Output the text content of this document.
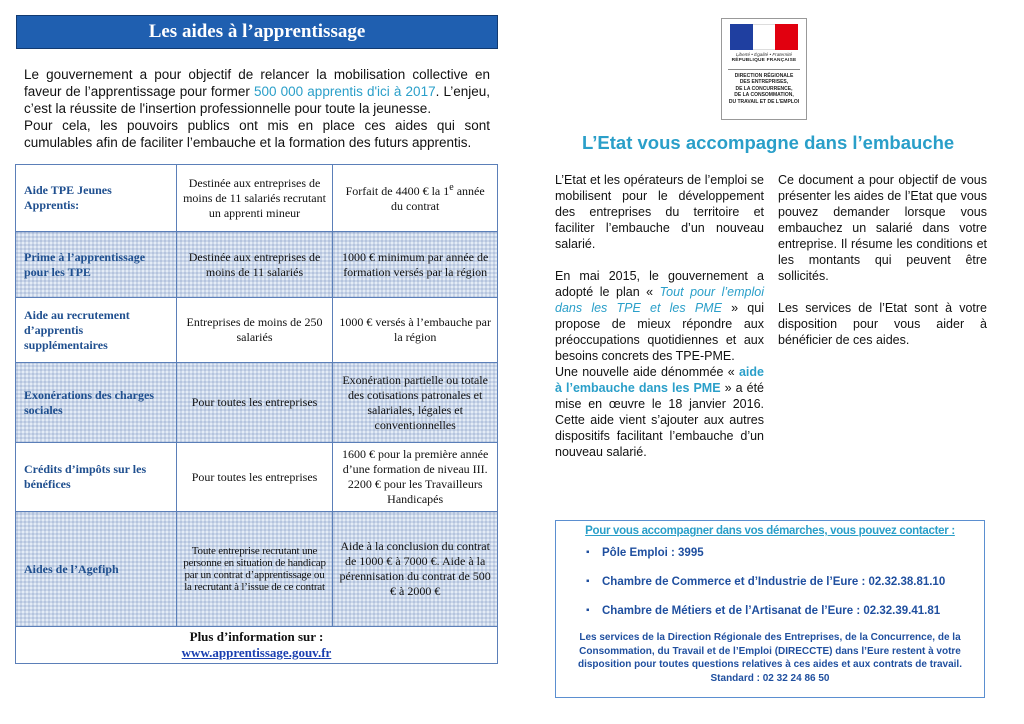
Les aides à l’apprentissage
Le gouvernement a pour objectif de relancer la mobilisation collective en faveur de l’apprentissage pour former 500 000 apprentis d'ici à 2017. L’enjeu, c’est la réussite de l'insertion professionnelle pour toute la jeunesse.
Pour cela, les pouvoirs publics ont mis en place ces aides qui sont cumulables afin de faciliter l’embauche et la formation des futurs apprentis.
Aide TPE Jeunes Apprentis:	Destinée aux entreprises de moins de 11 salariés recrutant un apprenti mineur	Forfait de 4400 € la 1e année du contrat
Prime à l’apprentissage pour les TPE	Destinée aux entreprises de moins de 11 salariés	1000 € minimum par année de formation versés par la région
Aide au recrutement d’apprentis supplémentaires	Entreprises de moins de 250 salariés	1000 € versés à l’embauche par la région
Exonérations des charges sociales	Pour toutes les entreprises	Exonération partielle ou totale des cotisations patronales et salariales, légales et conventionnelles
Crédits d’impôts sur les bénéfices	Pour toutes les entreprises	1600 € pour la première année d’une formation de niveau III. 2200 € pour les Travailleurs Handicapés
Aides de l’Agefiph	Toute entreprise recrutant une personne en situation de handicap par un contrat d’apprentissage ou la recrutant à l’issue de ce contrat	Aide à la conclusion du contrat de 1000 € à 7000 €. Aide à la pérennisation du contrat de 500 € à 2000 €

Plus d’information sur :
www.apprentissage.gouv.fr		
Liberté • Égalité • Fraternité
RÉPUBLIQUE FRANÇAISE
DIRECTION RÉGIONALE
DES ENTREPRISES,
DE LA CONCURRENCE,
DE LA CONSOMMATION,
DU TRAVAIL ET DE L’EMPLOI
L’Etat vous accompagne dans l’embauche

L’Etat et les opérateurs de l’emploi se mobilisent pour le développement des entreprises du territoire et faciliter l’embauche d’un nouveau salarié.

En mai 2015, le gouvernement a adopté le plan « Tout pour l’emploi dans les TPE et les PME » qui propose de mieux répondre aux préoccupations quotidiennes et aux besoins concrets des TPE-PME.

Une nouvelle aide dénommée « aide à l’embauche dans les PME » a été mise en œuvre le 18 janvier 2016. Cette aide vient s’ajouter aux autres dispositifs facilitant l’embauche d’un nouveau salarié.

Ce document a pour objectif de vous présenter les aides de l’Etat que vous pouvez demander lorsque vous embauchez un salarié dans votre entreprise. Il résume les conditions et les montants qui peuvent être sollicités.

Les services de l’Etat sont à votre disposition pour vous aider à bénéficier de ces aides.

Pour vous accompagner dans vos démarches, vous pouvez contacter :
▪ Pôle Emploi : 3995
▪ Chambre de Commerce et d’Industrie de l’Eure : 02.32.38.81.10
▪ Chambre de Métiers et de l’Artisanat de l’Eure : 02.32.39.41.81
Les services de la Direction Régionale des Entreprises, de la Concurrence, de la Consommation, du Travail et de l’Emploi (DIRECCTE) dans l’Eure restent à votre disposition pour toutes questions relatives à ces aides et aux contrats de travail.
Standard : 02 32 24 86 50
